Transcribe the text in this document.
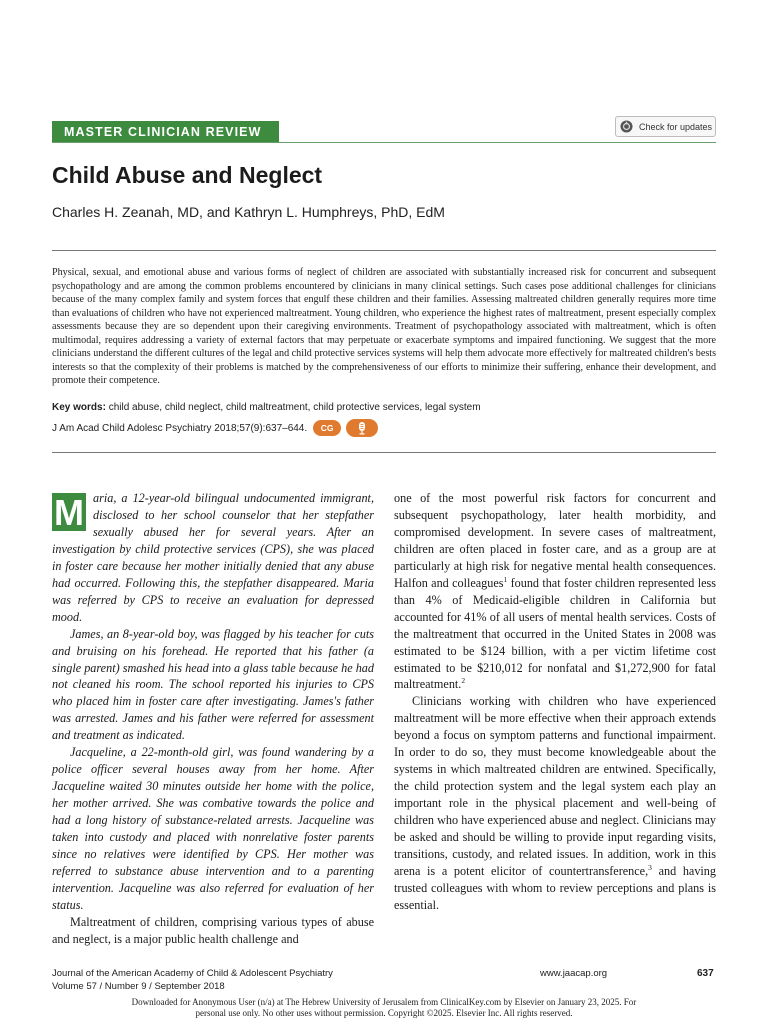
MASTER CLINICIAN REVIEW	Check for updates
Child Abuse and Neglect
Charles H. Zeanah, MD, and Kathryn L. Humphreys, PhD, EdM

Physical, sexual, and emotional abuse and various forms of neglect of children are associated with substantially increased risk for concurrent and subsequent psychopathology and are among the common problems encountered by clinicians in many clinical settings. Such cases pose additional challenges for clinicians because of the many complex family and system forces that engulf these children and their families. Assessing maltreated children generally requires more time than evaluations of children who have not experienced maltreatment. Young children, who experience the highest rates of maltreatment, present especially complex assessments because they are so dependent upon their caregiving environments. Treatment of psychopathology associated with maltreatment, which is often multimodal, requires addressing a variety of external factors that may perpetuate or exacerbate symptoms and impaired functioning. We suggest that the more clinicians understand the different cultures of the legal and child protective services systems will help them advocate more effectively for maltreated children's bests interests so that the complexity of their problems is matched by the comprehensiveness of our efforts to minimize their suffering, enhance their development, and promote their competence.

Key words: child abuse, child neglect, child maltreatment, child protective services, legal system
J Am Acad Child Adolesc Psychiatry 2018;57(9):637–644.	CG

M aria, a 12-year-old bilingual undocumented immigrant, disclosed to her school counselor that her stepfather sexually abused her for several years. After an investigation by child protective services (CPS), she was placed in foster care because her mother initially denied that any abuse had occurred. Following this, the stepfather disappeared. Maria was referred by CPS to receive an evaluation for depressed mood.

James, an 8-year-old boy, was flagged by his teacher for cuts and bruising on his forehead. He reported that his father (a single parent) smashed his head into a glass table because he had not cleaned his room. The school reported his injuries to CPS who placed him in foster care after investigating. James's father was arrested. James and his father were referred for assessment and treatment as indicated.

Jacqueline, a 22-month-old girl, was found wandering by a police officer several houses away from her home. After Jacqueline waited 30 minutes outside her home with the police, her mother arrived. She was combative towards the police and had a long history of substance-related arrests. Jacqueline was taken into custody and placed with nonrelative foster parents since no relatives were identified by CPS. Her mother was referred to substance abuse intervention and to a parenting intervention. Jacqueline was also referred for evaluation of her status.

Maltreatment of children, comprising various types of abuse and neglect, is a major public health challenge and

one of the most powerful risk factors for concurrent and subsequent psychopathology, later health morbidity, and compromised development. In severe cases of maltreatment, children are often placed in foster care, and as a group are at particularly at high risk for negative mental health consequences. Halfon and colleagues$^1$ found that foster children represented less than 4% of Medicaid-eligible children in California but accounted for 41% of all users of mental health services. Costs of the maltreatment that occurred in the United States in 2008 was estimated to be $124 billion, with a per victim lifetime cost estimated to be $210,012 for nonfatal and $1,272,900 for fatal maltreatment.$^2$

Clinicians working with children who have experienced maltreatment will be more effective when their approach extends beyond a focus on symptom patterns and functional impairment. In order to do so, they must become knowledgeable about the systems in which maltreated children are entwined. Specifically, the child protection system and the legal system each play an important role in the physical placement and well-being of children who have experienced abuse and neglect. Clinicians may be asked and should be willing to provide input regarding visits, transitions, custody, and related issues. In addition, work in this arena is a potent elicitor of countertransference,$^3$ and having trusted colleagues with whom to review perceptions and plans is essential.

Journal of the American Academy of Child & Adolescent Psychiatry
Volume 57 / Number 9 / September 2018
www.jaacap.org	637
Downloaded for Anonymous User (n/a) at The Hebrew University of Jerusalem from ClinicalKey.com by Elsevier on January 23, 2025. For personal use only. No other uses without permission. Copyright ©2025. Elsevier Inc. All rights reserved.
